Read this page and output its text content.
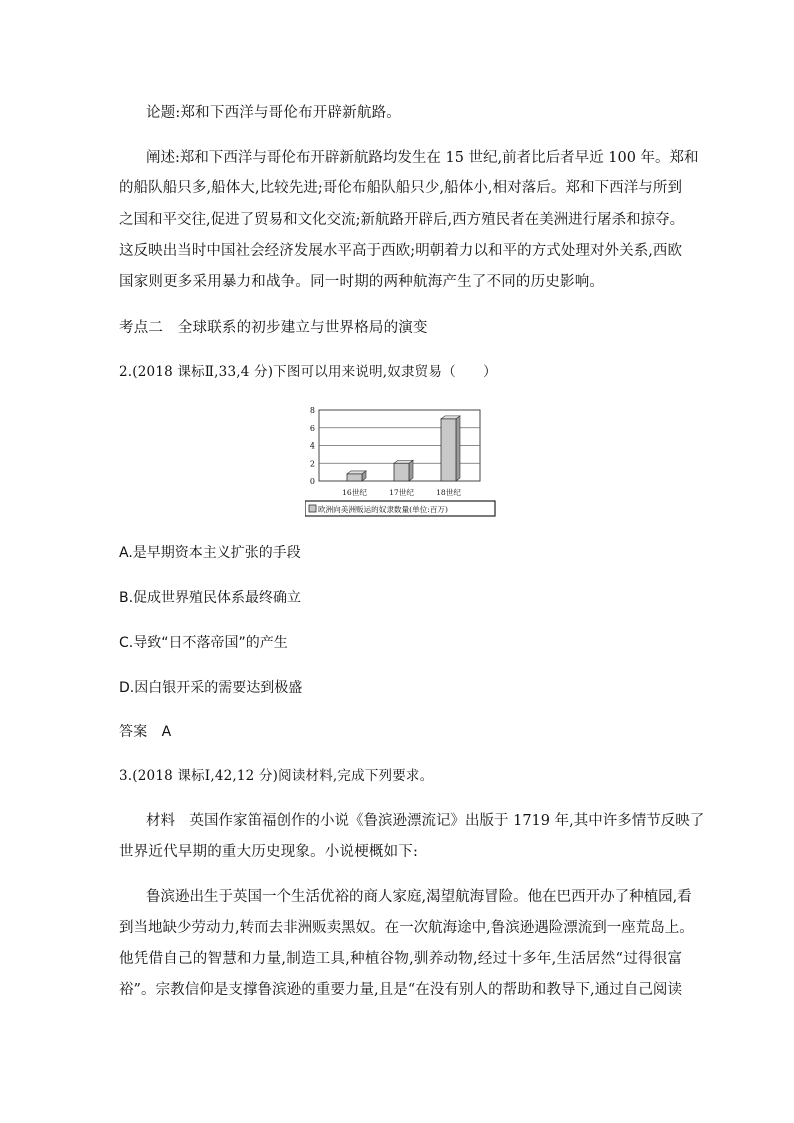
论题:郑和下西洋与哥伦布开辟新航路。
阐述:郑和下西洋与哥伦布开辟新航路均发生在 15 世纪,前者比后者早近 100 年。郑和
的船队船只多,船体大,比较先进;哥伦布船队船只少,船体小,相对落后。郑和下西洋与所到
之国和平交往,促进了贸易和文化交流;新航路开辟后,西方殖民者在美洲进行屠杀和掠夺。
这反映出当时中国社会经济发展水平高于西欧;明朝着力以和平的方式处理对外关系,西欧
国家则更多采用暴力和战争。同一时期的两种航海产生了不同的历史影响。
考点二　全球联系的初步建立与世界格局的演变
2.(2018 课标Ⅱ,33,4 分)下图可以用来说明,奴隶贸易（　　）
0
2
4
6
8
16世纪	17世纪	18世纪
欧洲向美洲贩运的奴隶数量(单位:百万)
A.是早期资本主义扩张的手段
B.促成世界殖民体系最终确立
C.导致“日不落帝国”的产生
D.因白银开采的需要达到极盛
答案　A
3.(2018 课标Ⅰ,42,12 分)阅读材料,完成下列要求。
材料　英国作家笛福创作的小说《鲁滨逊漂流记》出版于 1719 年,其中许多情节反映了
世界近代早期的重大历史现象。小说梗概如下:
鲁滨逊出生于英国一个生活优裕的商人家庭,渴望航海冒险。他在巴西开办了种植园,看
到当地缺少劳动力,转而去非洲贩卖黑奴。在一次航海途中,鲁滨逊遇险漂流到一座荒岛上。
他凭借自己的智慧和力量,制造工具,种植谷物,驯养动物,经过十多年,生活居然“过得很富
裕”。宗教信仰是支撑鲁滨逊的重要力量,且是“在没有别人的帮助和教导下,通过自己阅读
